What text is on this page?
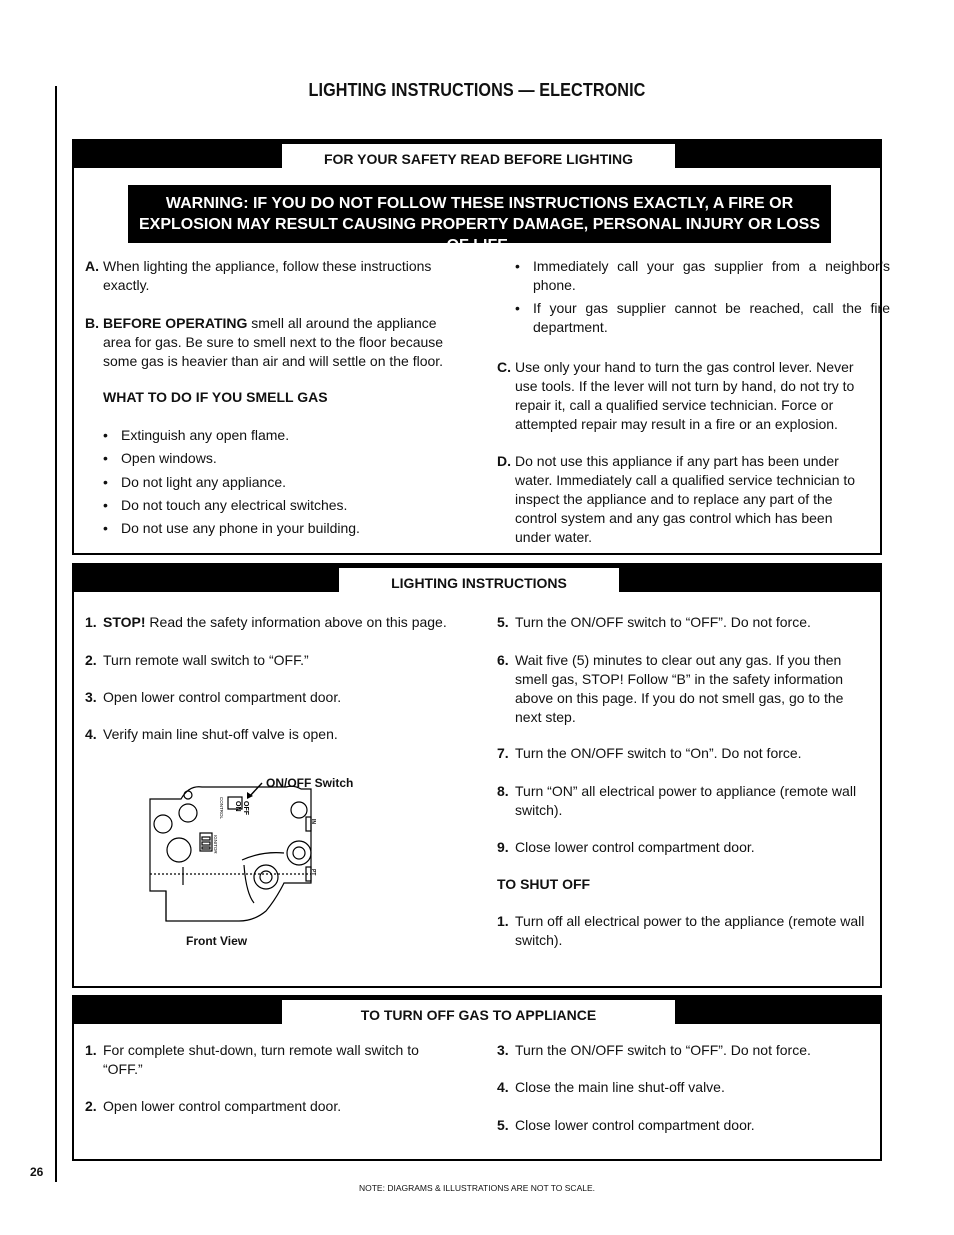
LIGHTING INSTRUCTIONS — ELECTRONIC
FOR YOUR SAFETY READ BEFORE LIGHTING
WARNING: IF YOU DO NOT FOLLOW THESE INSTRUCTIONS EXACTLY, A FIRE OR EXPLOSION MAY RESULT CAUSING PROPERTY DAMAGE, PERSONAL INJURY OR LOSS OF LIFE.
A. When lighting the appliance, follow these instructions exactly.
B. BEFORE OPERATING smell all around the appliance area for gas. Be sure to smell next to the floor because some gas is heavier than air and will settle on the floor.
WHAT TO DO IF YOU SMELL GAS
• Extinguish any open flame.
• Open windows.
• Do not light any appliance.
• Do not touch any electrical switches.
• Do not use any phone in your building.
• Immediately call your gas supplier from a neighbor’s phone.
• If your gas supplier cannot be reached, call the fire department.
C. Use only your hand to turn the gas control lever. Never use tools. If the lever will not turn by hand, do not try to repair it, call a qualified service technician. Force or attempted repair may result in a fire or an explosion.
D. Do not use this appliance if any part has been under water. Immediately call a qualified service technician to inspect the appliance and to replace any part of the control system and any gas control which has been under water.
LIGHTING INSTRUCTIONS
1. STOP! Read the safety information above on this page.
2. Turn remote wall switch to “OFF.”
3. Open lower control compartment door.
4. Verify main line shut-off valve is open.
ON/OFF Switch
Front View
OFF
ON
CONTROL
IGNITOR
IN
PT
5. Turn the ON/OFF switch to “OFF”. Do not force.
6. Wait five (5) minutes to clear out any gas. If you then smell gas, STOP! Follow “B” in the safety information above on this page. If you do not smell gas, go to the next step.
7. Turn the ON/OFF switch to “On”. Do not force.
8. Turn “ON” all electrical power to appliance (remote wall switch).
9. Close lower control compartment door.
TO SHUT OFF
1. Turn off all electrical power to the appliance (remote wall switch).
TO TURN OFF GAS TO APPLIANCE
1. For complete shut-down, turn remote wall switch to “OFF.”
2. Open lower control compartment door.
3. Turn the ON/OFF switch to “OFF”. Do not force.
4. Close the main line shut-off valve.
5. Close lower control compartment door.
26
NOTE: DIAGRAMS & ILLUSTRATIONS ARE NOT TO SCALE.
